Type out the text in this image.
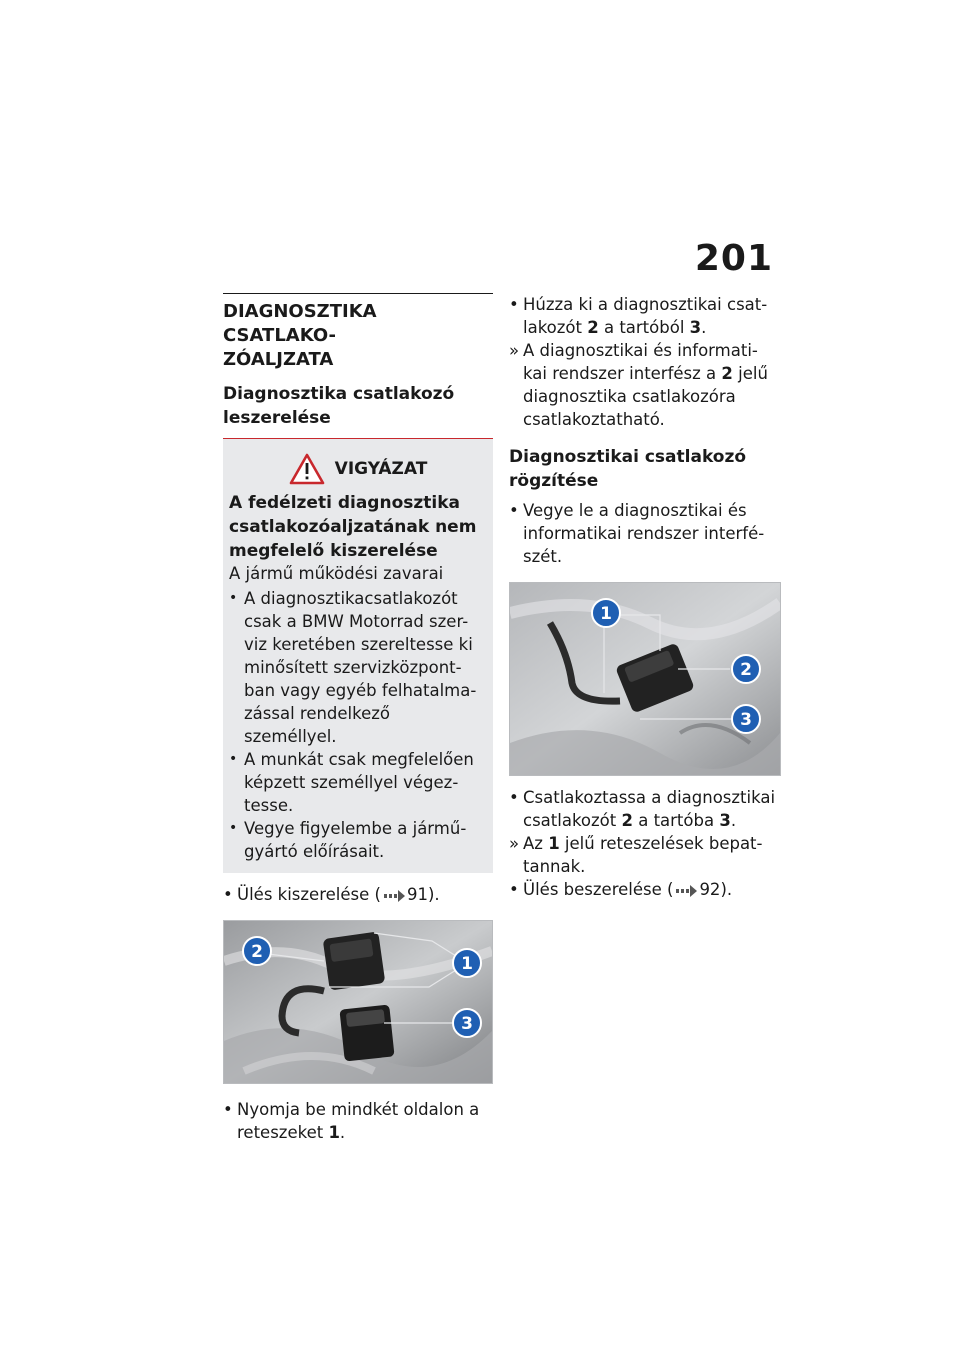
201
DIAGNOSZTIKA CSATLAKO-
ZÓALJZATA
Diagnosztika csatlakozó
leszerelése
VIGYÁZAT
A fedélzeti diagnosztika
csatlakozóaljzatának nem
megfelelő kiszerelése
A jármű működési zavarai
• A diagnosztikacsatlakozót
csak a BMW Motorrad szer-
viz keretében szereltesse ki
minősített szervizközpont-
ban vagy egyéb felhatalma-
zással rendelkező személlyel.
• A munkát csak megfelelően
képzett személlyel végez-
tesse.
• Vegye figyelembe a jármű-
gyártó előírásait.
• Ülés kiszerelése ( 91).
2
1
3
• Nyomja be mindkét oldalon a
reteszeket 1.
• Húzza ki a diagnosztikai csat-
lakozót 2 a tartóból 3.
» A diagnosztikai és informati-
kai rendszer interfész a 2 jelű
diagnosztika csatlakozóra
csatlakoztatható.
Diagnosztikai csatlakozó
rögzítése
• Vegye le a diagnosztikai és
informatikai rendszer interfé-
szét.
1
2
3
• Csatlakoztassa a diagnosztikai
csatlakozót 2 a tartóba 3.
» Az 1 jelű reteszelések bepat-
tannak.
• Ülés beszerelése ( 92).
